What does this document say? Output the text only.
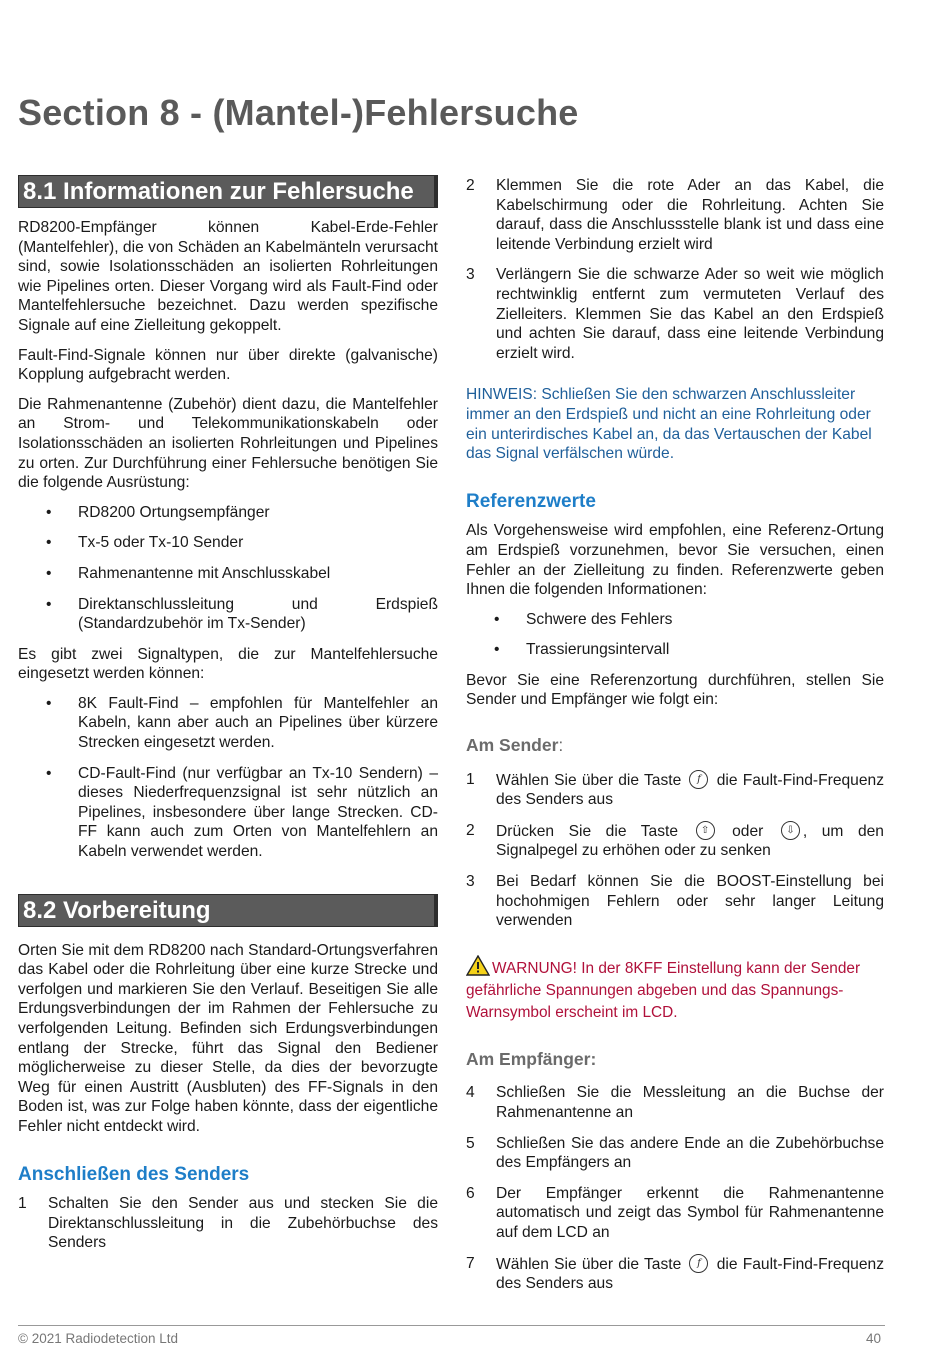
Section 8 - (Mantel-)Fehlersuche
8.1 Informationen zur Fehlersuche

RD8200-Empfänger können Kabel-Erde-Fehler (Mantelfehler), die von Schäden an Kabelmänteln verursacht sind, sowie Isolationsschäden an isolierten Rohrleitungen wie Pipelines orten. Dieser Vorgang wird als Fault-Find oder Mantelfehlersuche bezeichnet. Dazu werden spezifische Signale auf eine Zielleitung gekoppelt.

Fault-Find-Signale können nur über direkte (galvanische) Kopplung aufgebracht werden.

Die Rahmenantenne (Zubehör) dient dazu, die Mantelfehler an Strom- und Telekommunikationskabeln oder Isolationsschäden an isolierten Rohrleitungen und Pipelines zu orten. Zur Durchführung einer Fehlersuche benötigen Sie die folgende Ausrüstung:

• RD8200 Ortungsempfänger
• Tx-5 oder Tx-10 Sender
• Rahmenantenne mit Anschlusskabel
• Direktanschlussleitung und Erdspieß (Standardzubehör im Tx-Sender)

Es gibt zwei Signaltypen, die zur Mantelfehlersuche eingesetzt werden können:

• 8K Fault-Find – empfohlen für Mantelfehler an Kabeln, kann aber auch an Pipelines über kürzere Strecken eingesetzt werden.
• CD-Fault-Find (nur verfügbar an Tx-10 Sendern) – dieses Niederfrequenzsignal ist sehr nützlich an Pipelines, insbesondere über lange Strecken. CD-FF kann auch zum Orten von Mantelfehlern an Kabeln verwendet werden.
8.2 Vorbereitung

Orten Sie mit dem RD8200 nach Standard-Ortungsverfahren das Kabel oder die Rohrleitung über eine kurze Strecke und verfolgen und markieren Sie den Verlauf. Beseitigen Sie alle Erdungsverbindungen der im Rahmen der Fehlersuche zu verfolgenden Leitung. Befinden sich Erdungsverbindungen entlang der Strecke, führt das Signal den Bediener möglicherweise zu dieser Stelle, da dies der bevorzugte Weg für einen Austritt (Ausbluten) des FF-Signals in den Boden ist, was zur Folge haben könnte, dass der eigentliche Fehler nicht entdeckt wird.

Anschließen des Senders
1 Schalten Sie den Sender aus und stecken Sie die Direktanschlussleitung in die Zubehörbuchse des Senders
2 Klemmen Sie die rote Ader an das Kabel, die Kabelschirmung oder die Rohrleitung. Achten Sie darauf, dass die Anschlussstelle blank ist und dass eine leitende Verbindung erzielt wird
3 Verlängern Sie die schwarze Ader so weit wie möglich rechtwinklig entfernt zum vermuteten Verlauf des Zielleiters. Klemmen Sie das Kabel an den Erdspieß und achten Sie darauf, dass eine leitende Verbindung erzielt wird.

HINWEIS: Schließen Sie den schwarzen Anschlussleiter immer an den Erdspieß und nicht an eine Rohrleitung oder ein unterirdisches Kabel an, da das Vertauschen der Kabel das Signal verfälschen würde.

Referenzwerte

Als Vorgehensweise wird empfohlen, eine Referenz-Ortung am Erdspieß vorzunehmen, bevor Sie versuchen, einen Fehler an der Zielleitung zu finden. Referenzwerte geben Ihnen die folgenden Informationen:

• Schwere des Fehlers
• Trassierungsintervall

Bevor Sie eine Referenzortung durchführen, stellen Sie Sender und Empfänger wie folgt ein:

Am Sender:
1 Wählen Sie über die Taste f die Fault-Find-Frequenz des Senders aus
2 Drücken Sie die Taste ⇧ oder ⇩ , um den Signalpegel zu erhöhen oder zu senken
3 Bei Bedarf können Sie die BOOST-Einstellung bei hochohmigen Fehlern oder sehr langer Leitung verwenden
WARNUNG! In der 8KFF Einstellung kann der Sender gefährliche Spannungen abgeben und das Spannungs-Warnsymbol erscheint im LCD.
Am Empfänger:
4 Schließen Sie die Messleitung an die Buchse der Rahmenantenne an
5 Schließen Sie das andere Ende an die Zubehörbuchse des Empfängers an
6 Der Empfänger erkennt die Rahmenantenne automatisch und zeigt das Symbol für Rahmenantenne auf dem LCD an
7 Wählen Sie über die Taste f die Fault-Find-Frequenz des Senders aus
© 2021 Radiodetection Ltd	40
